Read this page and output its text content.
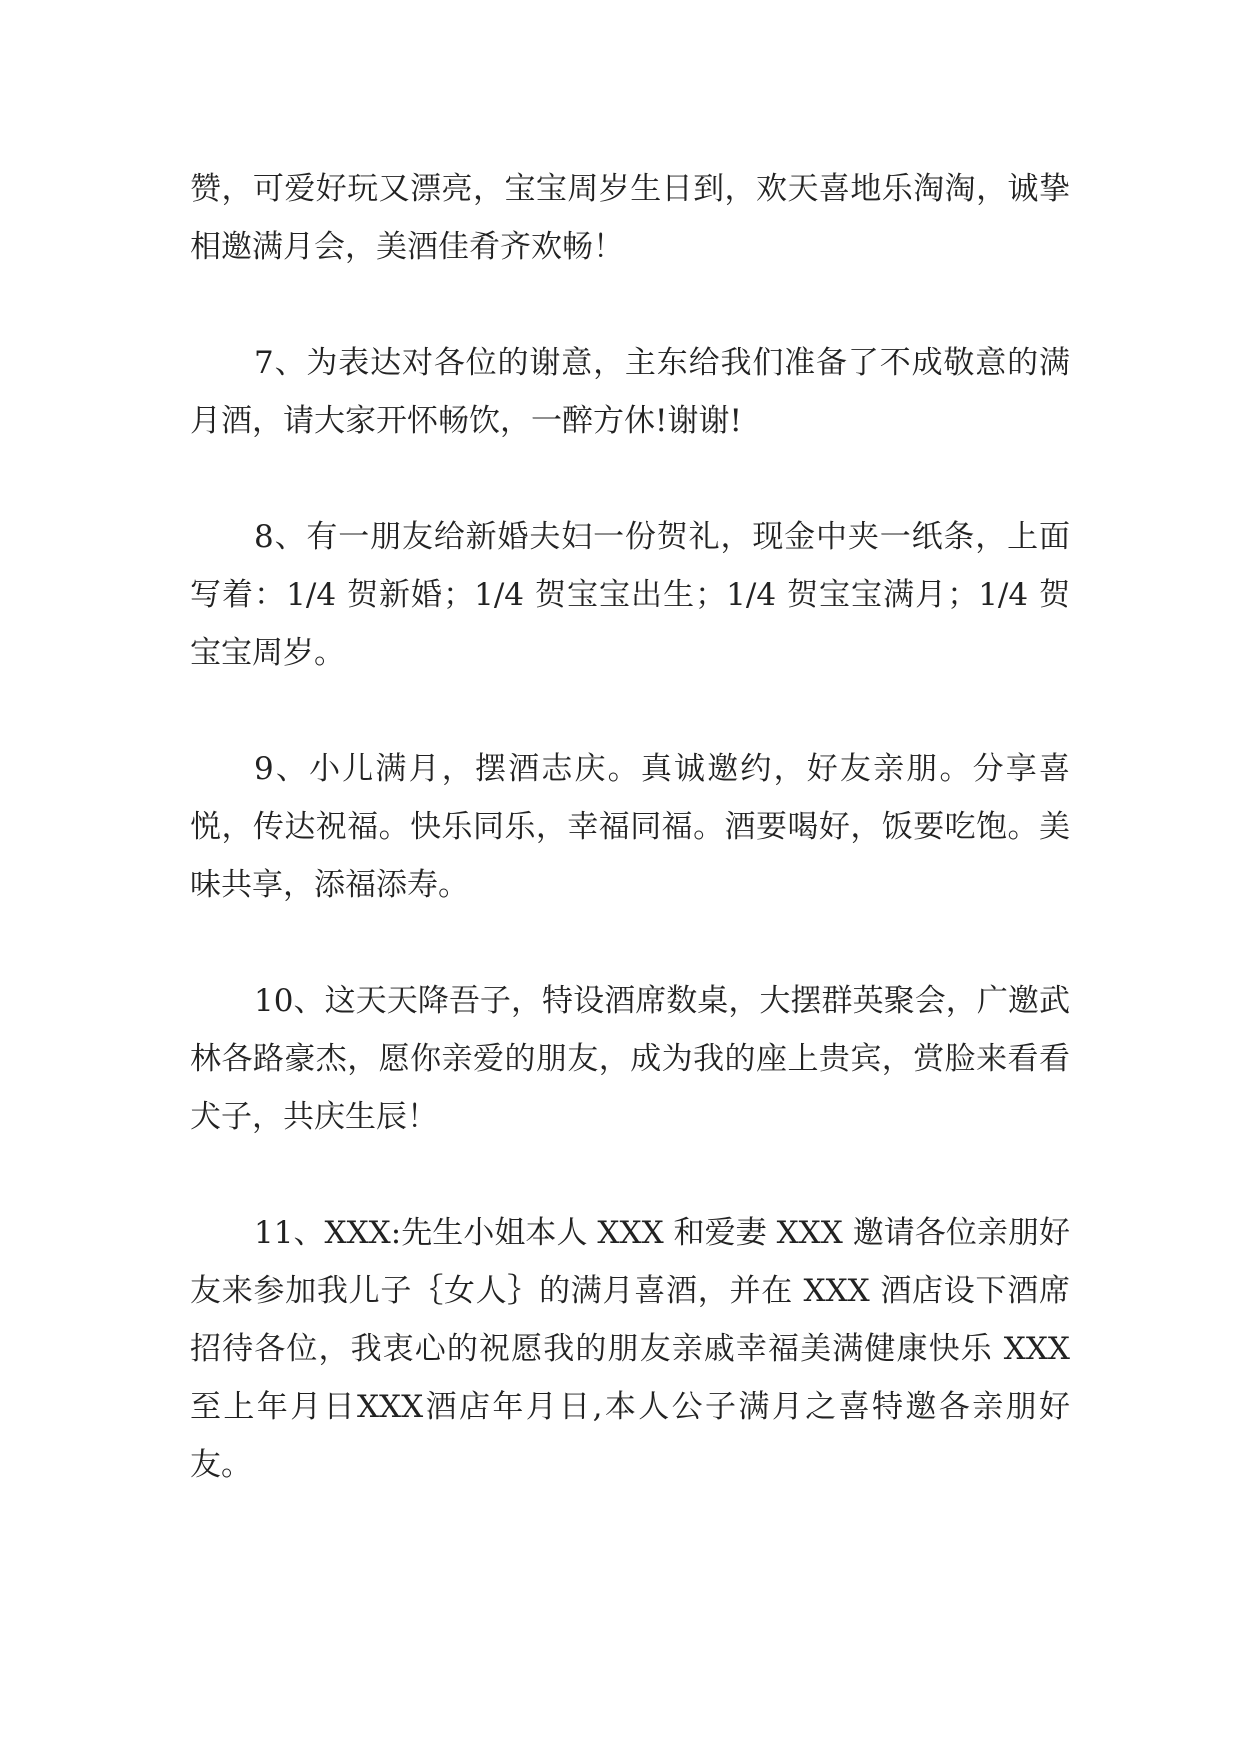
赞，可爱好玩又漂亮，宝宝周岁生日到，欢天喜地乐淘淘，诚挚相邀满月会，美酒佳肴齐欢畅！

7、为表达对各位的谢意，主东给我们准备了不成敬意的满月酒，请大家开怀畅饮，一醉方休!谢谢!

8、有一朋友给新婚夫妇一份贺礼，现金中夹一纸条，上面写着：1/4 贺新婚；1/4 贺宝宝出生；1/4 贺宝宝满月；1/4 贺宝宝周岁。

9、小儿满月，摆酒志庆。真诚邀约，好友亲朋。分享喜悦，传达祝福。快乐同乐，幸福同福。酒要喝好，饭要吃饱。美味共享，添福添寿。

10、这天天降吾子，特设酒席数桌，大摆群英聚会，广邀武林各路豪杰，愿你亲爱的朋友，成为我的座上贵宾，赏脸来看看犬子，共庆生辰！

11、XXX:先生小姐本人 XXX 和爱妻 XXX 邀请各位亲朋好友来参加我儿子｛女人｝的满月喜酒，并在 XXX 酒店设下酒席招待各位，我衷心的祝愿我的朋友亲戚幸福美满健康快乐 XXX 至上年月日XXX酒店年月日,本人公子满月之喜特邀各亲朋好友。
